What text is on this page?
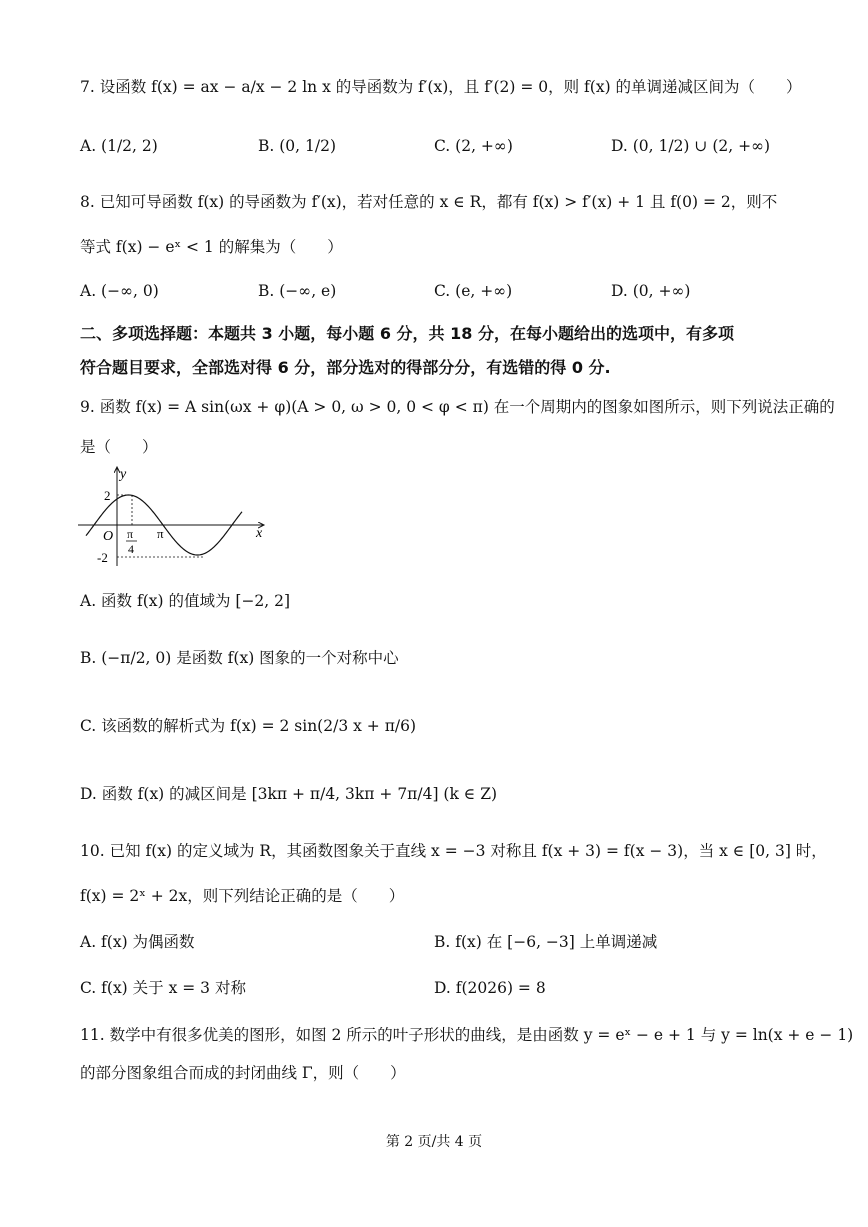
7. 设函数 f(x) = ax − a/x − 2 ln x 的导函数为 f′(x)，且 f′(2) = 0，则 f(x) 的单调递减区间为（　　）
A. (1/2, 2)	B. (0, 1/2)	C. (2, +∞)	D. (0, 1/2) ∪ (2, +∞)
8. 已知可导函数 f(x) 的导函数为 f′(x)，若对任意的 x ∈ R，都有 f(x) > f′(x) + 1 且 f(0) = 2，则不
等式 f(x) − eˣ < 1 的解集为（　　）
A. (−∞, 0)	B. (−∞, e)	C. (e, +∞)	D. (0, +∞)
二、多项选择题：本题共 3 小题，每小题 6 分，共 18 分，在每小题给出的选项中，有多项
符合题目要求，全部选对得 6 分，部分选对的得部分分，有选错的得 0 分.
9. 函数 f(x) = A sin(ωx + φ)(A > 0, ω > 0, 0 < φ < π) 在一个周期内的图象如图所示，则下列说法正确的
是（　　）
y
x
O
2
-2
π
4
π
A. 函数 f(x) 的值域为 [−2, 2]
B. (−π/2, 0) 是函数 f(x) 图象的一个对称中心
C. 该函数的解析式为 f(x) = 2 sin(2/3 x + π/6)
D. 函数 f(x) 的减区间是 [3kπ + π/4, 3kπ + 7π/4] (k ∈ Z)
10. 已知 f(x) 的定义域为 R，其函数图象关于直线 x = −3 对称且 f(x + 3) = f(x − 3)，当 x ∈ [0, 3] 时，
f(x) = 2ˣ + 2x，则下列结论正确的是（　　）
A. f(x) 为偶函数	B. f(x) 在 [−6, −3] 上单调递减
C. f(x) 关于 x = 3 对称	D. f(2026) = 8
11. 数学中有很多优美的图形，如图 2 所示的叶子形状的曲线，是由函数 y = eˣ − e + 1 与 y = ln(x + e − 1)
的部分图象组合而成的封闭曲线 Γ，则（　　）
第 2 页/共 4 页
